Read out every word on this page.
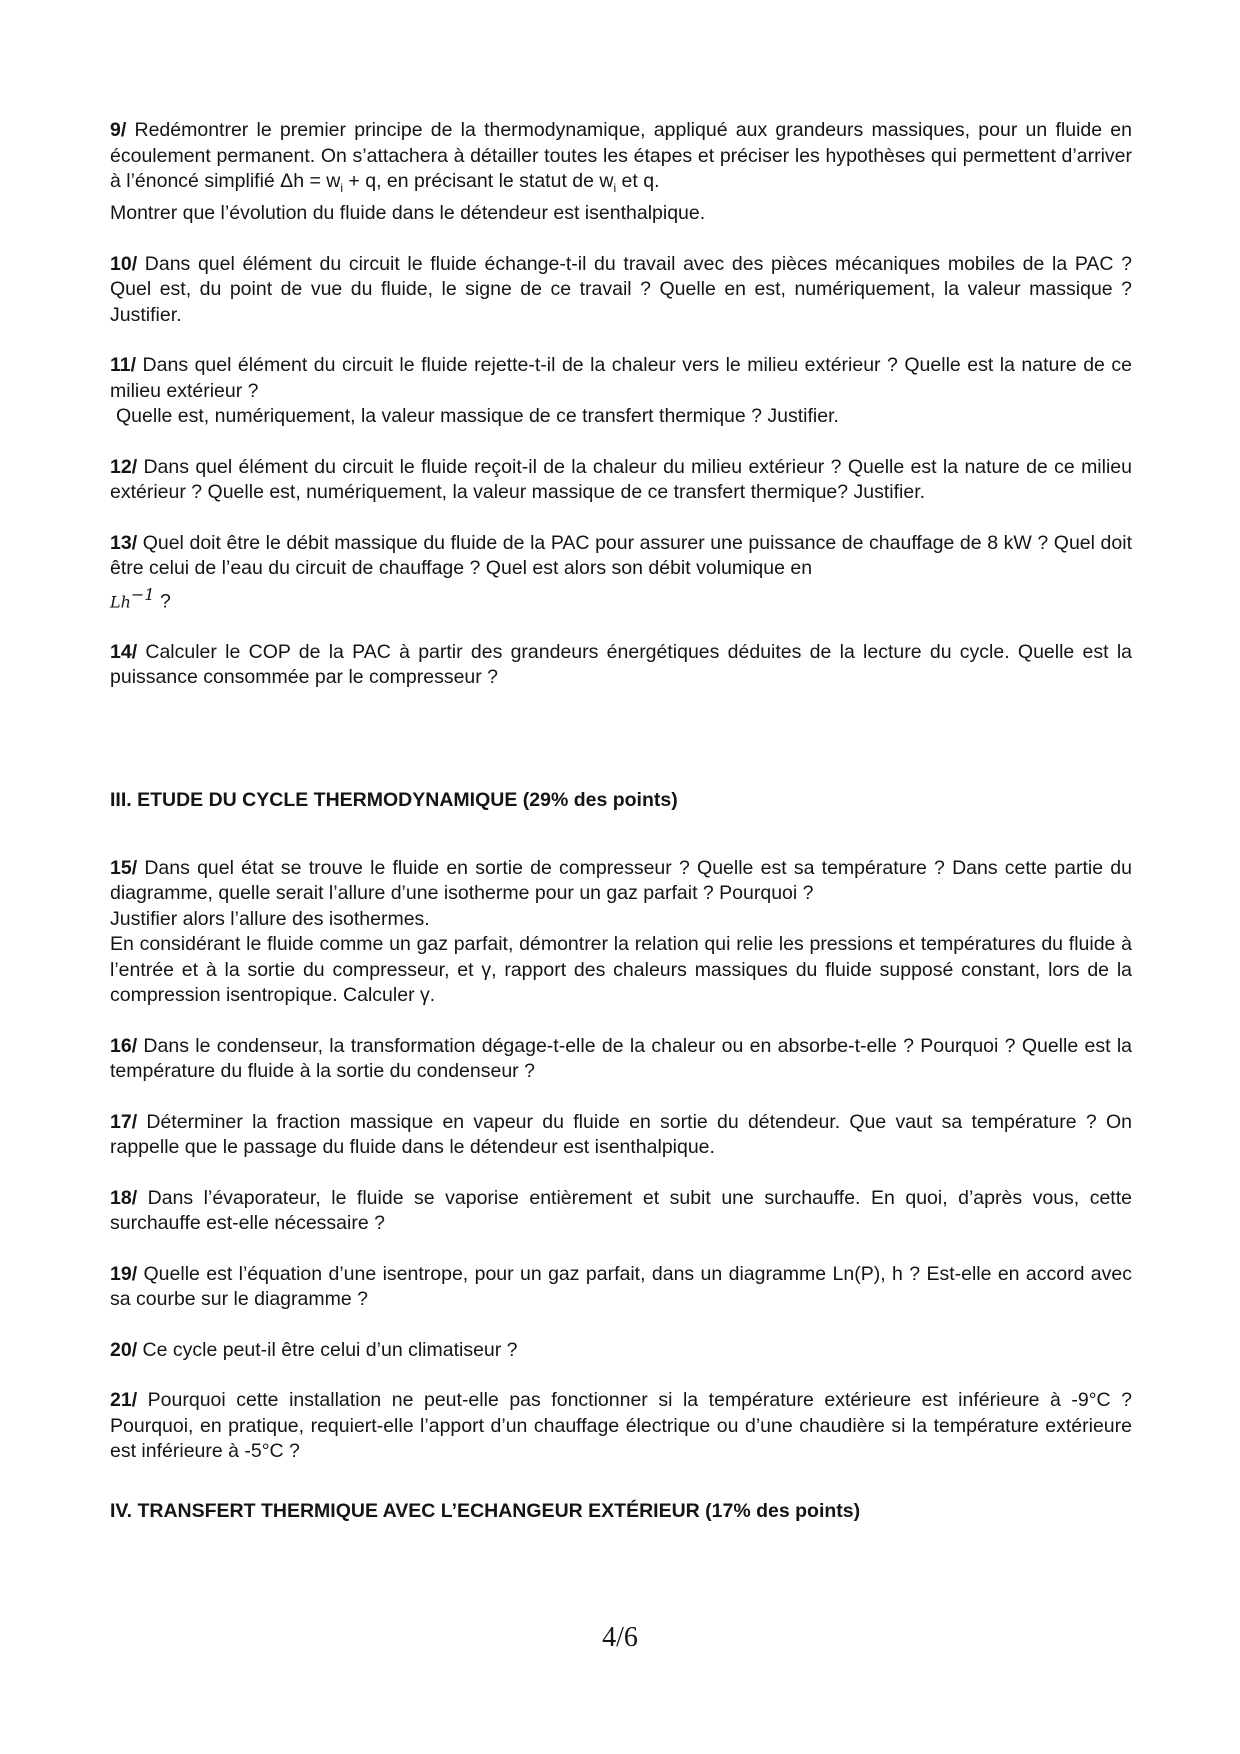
9/ Redémontrer le premier principe de la thermodynamique, appliqué aux grandeurs massiques, pour un fluide en écoulement permanent. On s’attachera à détailler toutes les étapes et préciser les hypothèses qui permettent d’arriver à l’énoncé simplifié $\Delta h = w_i + q$, en précisant le statut de $w_i$ et q.
Montrer que l’évolution du fluide dans le détendeur est isenthalpique.

10/ Dans quel élément du circuit le fluide échange-t-il du travail avec des pièces mécaniques mobiles de la PAC ? Quel est, du point de vue du fluide, le signe de ce travail ? Quelle en est, numériquement, la valeur massique ? Justifier.

11/ Dans quel élément du circuit le fluide rejette-t-il de la chaleur vers le milieu extérieur ? Quelle est la nature de ce milieu extérieur ?
Quelle est, numériquement, la valeur massique de ce transfert thermique ? Justifier.

12/ Dans quel élément du circuit le fluide reçoit-il de la chaleur du milieu extérieur ? Quelle est la nature de ce milieu extérieur ? Quelle est, numériquement, la valeur massique de ce transfert thermique? Justifier.

13/ Quel doit être le débit massique du fluide de la PAC pour assurer une puissance de chauffage de 8 kW ? Quel doit être celui de l’eau du circuit de chauffage ? Quel est alors son débit volumique en
$Lh^{-1}$ ?

14/ Calculer le COP de la PAC à partir des grandeurs énergétiques déduites de la lecture du cycle. Quelle est la puissance consommée par le compresseur ?

III. ETUDE DU CYCLE THERMODYNAMIQUE (29% des points)

15/ Dans quel état se trouve le fluide en sortie de compresseur ? Quelle est sa température ? Dans cette partie du diagramme, quelle serait l’allure d’une isotherme pour un gaz parfait ? Pourquoi ?
Justifier alors l’allure des isothermes.
En considérant le fluide comme un gaz parfait, démontrer la relation qui relie les pressions et températures du fluide à l’entrée et à la sortie du compresseur, et γ, rapport des chaleurs massiques du fluide supposé constant, lors de la compression isentropique. Calculer γ.

16/ Dans le condenseur, la transformation dégage-t-elle de la chaleur ou en absorbe-t-elle ? Pourquoi ? Quelle est la température du fluide à la sortie du condenseur ?

17/ Déterminer la fraction massique en vapeur du fluide en sortie du détendeur. Que vaut sa température ? On rappelle que le passage du fluide dans le détendeur est isenthalpique.

18/ Dans l’évaporateur, le fluide se vaporise entièrement et subit une surchauffe. En quoi, d’après vous, cette surchauffe est-elle nécessaire ?

19/ Quelle est l’équation d’une isentrope, pour un gaz parfait, dans un diagramme Ln(P), h ? Est-elle en accord avec sa courbe sur le diagramme ?

20/ Ce cycle peut-il être celui d’un climatiseur ?

21/ Pourquoi cette installation ne peut-elle pas fonctionner si la température extérieure est inférieure à -9°C ? Pourquoi, en pratique, requiert-elle l’apport d’un chauffage électrique ou d’une chaudière si la température extérieure est inférieure à -5°C ?

IV. TRANSFERT THERMIQUE AVEC L’ECHANGEUR EXTÉRIEUR (17% des points)

4/6
